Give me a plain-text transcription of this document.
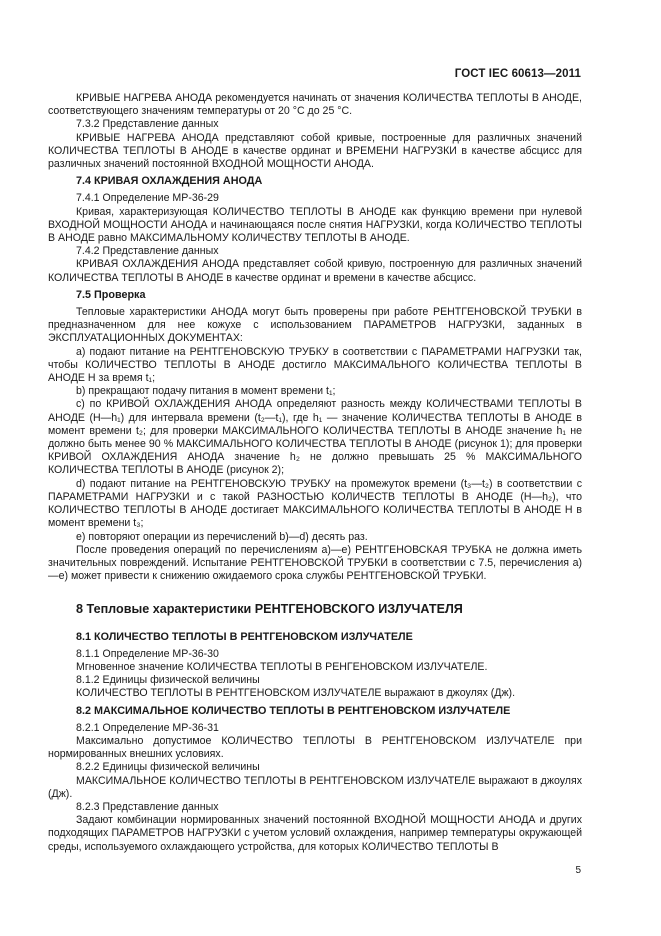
ГОСТ IEC 60613—2011

КРИВЫЕ НАГРЕВА АНОДА рекомендуется начинать от значения КОЛИЧЕСТВА ТЕПЛОТЫ В АНОДЕ, соответствующего значениям температуры от 20 °С до 25 °С.

7.3.2 Представление данных

КРИВЫЕ НАГРЕВА АНОДА представляют собой кривые, построенные для различных значений КОЛИЧЕСТВА ТЕПЛОТЫ В АНОДЕ в качестве ординат и ВРЕМЕНИ НАГРУЗКИ в качестве абсцисс для различных значений постоянной ВХОДНОЙ МОЩНОСТИ АНОДА.

7.4 КРИВАЯ ОХЛАЖДЕНИЯ АНОДА

7.4.1 Определение МР-36-29

Кривая, характеризующая КОЛИЧЕСТВО ТЕПЛОТЫ В АНОДЕ как функцию времени при нулевой ВХОДНОЙ МОЩНОСТИ АНОДА и начинающаяся после снятия НАГРУЗКИ, когда КОЛИЧЕСТВО ТЕПЛОТЫ В АНОДЕ равно МАКСИМАЛЬНОМУ КОЛИЧЕСТВУ ТЕПЛОТЫ В АНОДЕ.

7.4.2 Представление данных

КРИВАЯ ОХЛАЖДЕНИЯ АНОДА представляет собой кривую, построенную для различных значений КОЛИЧЕСТВА ТЕПЛОТЫ В АНОДЕ в качестве ординат и времени в качестве абсцисс.

7.5 Проверка

Тепловые характеристики АНОДА могут быть проверены при работе РЕНТГЕНОВСКОЙ ТРУБКИ в предназначенном для нее кожухе с использованием ПАРАМЕТРОВ НАГРУЗКИ, заданных в ЭКСПЛУАТАЦИОННЫХ ДОКУМЕНТАХ:

a) подают питание на РЕНТГЕНОВСКУЮ ТРУБКУ в соответствии с ПАРАМЕТРАМИ НАГРУЗКИ так, чтобы КОЛИЧЕСТВО ТЕПЛОТЫ В АНОДЕ достигло МАКСИМАЛЬНОГО КОЛИЧЕСТВА ТЕПЛОТЫ В АНОДЕ H за время t₁;

b) прекращают подачу питания в момент времени t₁;

c) по КРИВОЙ ОХЛАЖДЕНИЯ АНОДА определяют разность между КОЛИЧЕСТВАМИ ТЕПЛОТЫ В АНОДЕ (H—h₁) для интервала времени (t₂—t₁), где h₁ — значение КОЛИЧЕСТВА ТЕПЛОТЫ В АНОДЕ в момент времени t₂; для проверки МАКСИМАЛЬНОГО КОЛИЧЕСТВА ТЕПЛОТЫ В АНОДЕ значение h₁ не должно быть менее 90 % МАКСИМАЛЬНОГО КОЛИЧЕСТВА ТЕПЛОТЫ В АНОДЕ (рисунок 1); для проверки КРИВОЙ ОХЛАЖДЕНИЯ АНОДА значение h₂ не должно превышать 25 % МАКСИМАЛЬНОГО КОЛИЧЕСТВА ТЕПЛОТЫ В АНОДЕ (рисунок 2);

d) подают питание на РЕНТГЕНОВСКУЮ ТРУБКУ на промежуток времени (t₃—t₂) в соответствии с ПАРАМЕТРАМИ НАГРУЗКИ и с такой РАЗНОСТЬЮ КОЛИЧЕСТВ ТЕПЛОТЫ В АНОДЕ (H—h₂), что КОЛИЧЕСТВО ТЕПЛОТЫ В АНОДЕ достигает МАКСИМАЛЬНОГО КОЛИЧЕСТВА ТЕПЛОТЫ В АНОДЕ H в момент времени t₃;

e) повторяют операции из перечислений b)—d) десять раз.

После проведения операций по перечислениям a)—e) РЕНТГЕНОВСКАЯ ТРУБКА не должна иметь значительных повреждений. Испытание РЕНТГЕНОВСКОЙ ТРУБКИ в соответствии с 7.5, перечисления a)—e) может привести к снижению ожидаемого срока службы РЕНТГЕНОВСКОЙ ТРУБКИ.

8 Тепловые характеристики РЕНТГЕНОВСКОГО ИЗЛУЧАТЕЛЯ

8.1 КОЛИЧЕСТВО ТЕПЛОТЫ В РЕНТГЕНОВСКОМ ИЗЛУЧАТЕЛЕ

8.1.1 Определение МР-36-30

Мгновенное значение КОЛИЧЕСТВА ТЕПЛОТЫ В РЕНГЕНОВСКОМ ИЗЛУЧАТЕЛЕ.

8.1.2 Единицы физической величины

КОЛИЧЕСТВО ТЕПЛОТЫ В РЕНТГЕНОВСКОМ ИЗЛУЧАТЕЛЕ выражают в джоулях (Дж).

8.2 МАКСИМАЛЬНОЕ КОЛИЧЕСТВО ТЕПЛОТЫ В РЕНТГЕНОВСКОМ ИЗЛУЧАТЕЛЕ

8.2.1 Определение МР-36-31

Максимально допустимое КОЛИЧЕСТВО ТЕПЛОТЫ В РЕНТГЕНОВСКОМ ИЗЛУЧАТЕЛЕ при нормированных внешних условиях.

8.2.2 Единицы физической величины

МАКСИМАЛЬНОЕ КОЛИЧЕСТВО ТЕПЛОТЫ В РЕНТГЕНОВСКОМ ИЗЛУЧАТЕЛЕ выражают в джоулях (Дж).

8.2.3 Представление данных

Задают комбинации нормированных значений постоянной ВХОДНОЙ МОЩНОСТИ АНОДА и других подходящих ПАРАМЕТРОВ НАГРУЗКИ с учетом условий охлаждения, например температуры окружающей среды, используемого охлаждающего устройства, для которых КОЛИЧЕСТВО ТЕПЛОТЫ В

5
